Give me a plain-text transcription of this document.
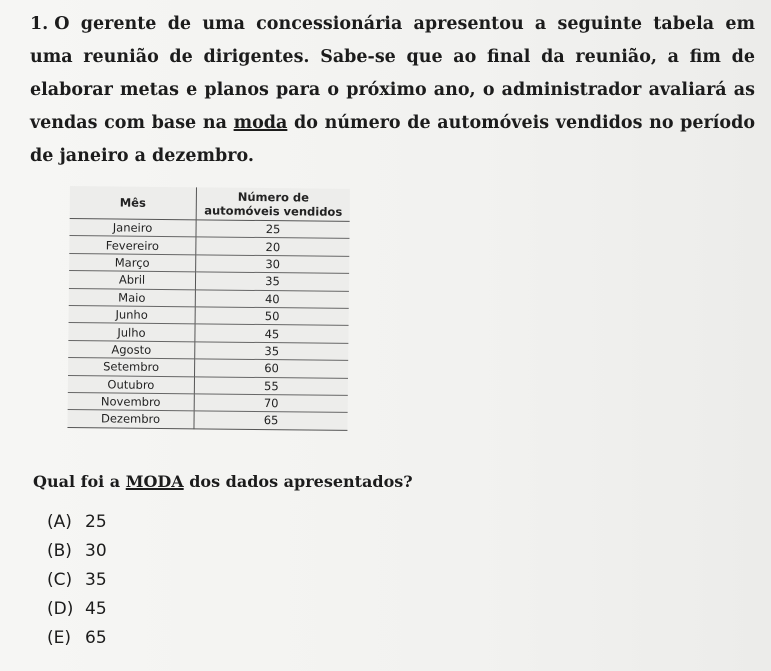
1. O gerente de uma concessionária apresentou a seguinte tabela em uma reunião de dirigentes. Sabe-se que ao final da reunião, a fim de elaborar metas e planos para o próximo ano, o administrador avaliará as vendas com base na moda do número de automóveis vendidos no período de janeiro a dezembro.
Mês	Número de automóveis vendidos
Janeiro	25
Fevereiro	20
Março	30
Abril	35
Maio	40
Junho	50
Julho	45
Agosto	35
Setembro	60
Outubro	55
Novembro	70
Dezembro	65
Qual foi a MODA dos dados apresentados?
(A) 25
(B) 30
(C) 35
(D) 45
(E) 65
